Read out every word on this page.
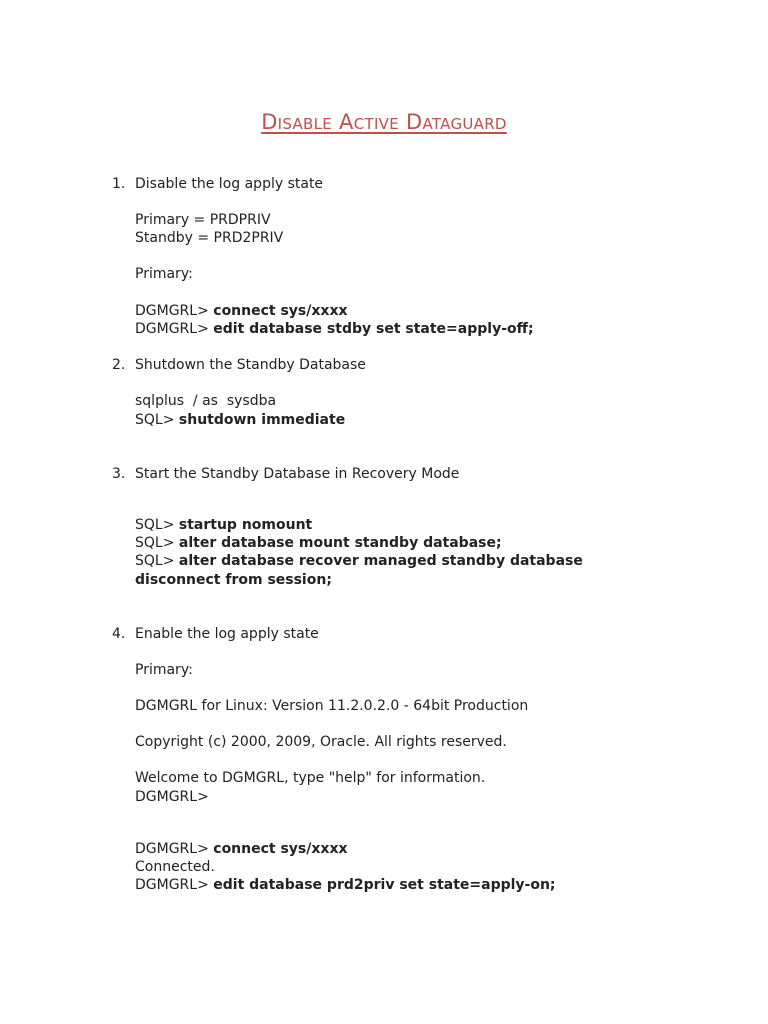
Disable Active Dataguard
1. Disable the log apply state
Primary = PRDPRIV
Standby = PRD2PRIV
Primary:
DGMGRL> connect sys/xxxx
DGMGRL> edit database stdby set state=apply-off;
2. Shutdown the Standby Database
sqlplus  / as  sysdba
SQL> shutdown immediate
3. Start the Standby Database in Recovery Mode
SQL> startup nomount
SQL> alter database mount standby database;
SQL> alter database recover managed standby database
disconnect from session;
4. Enable the log apply state
Primary:
DGMGRL for Linux: Version 11.2.0.2.0 - 64bit Production
Copyright (c) 2000, 2009, Oracle. All rights reserved.
Welcome to DGMGRL, type "help" for information.
DGMGRL>
DGMGRL> connect sys/xxxx
Connected.
DGMGRL> edit database prd2priv set state=apply-on;
